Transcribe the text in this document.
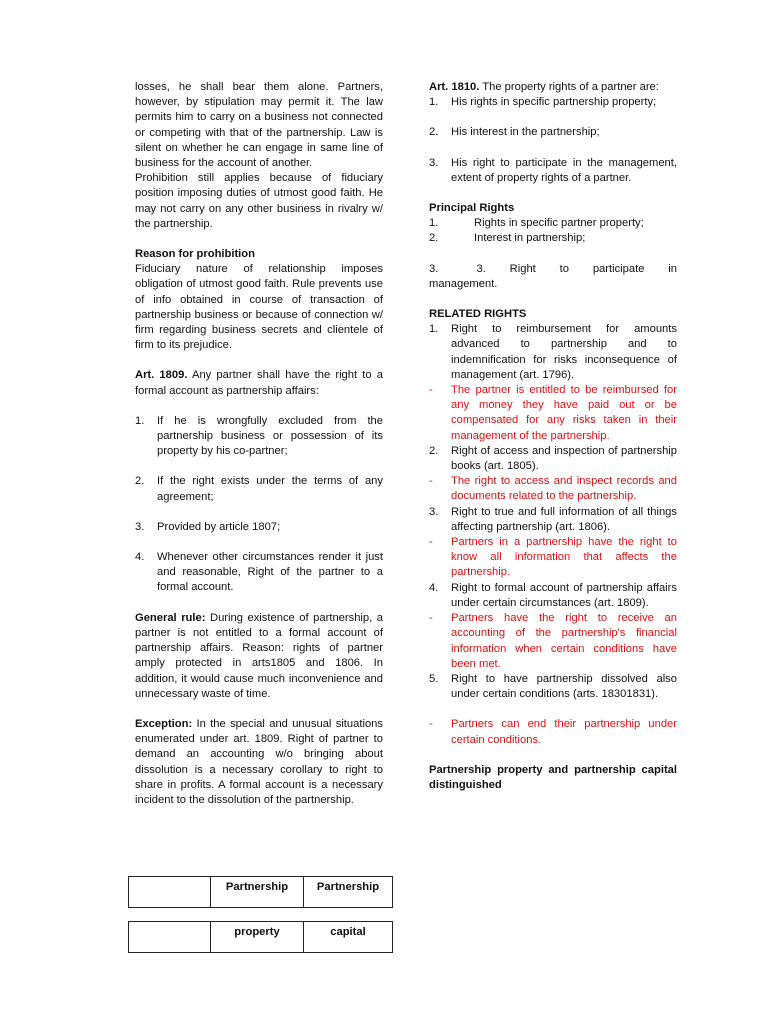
losses, he shall bear them alone. Partners, however, by stipulation may permit it. The law permits him to carry on a business not connected or competing with that of the partnership. Law is silent on whether he can engage in same line of business for the account of another.

Prohibition still applies because of fiduciary position imposing duties of utmost good faith. He may not carry on any other business in rivalry w/ the partnership.

Reason for prohibition

Fiduciary nature of relationship imposes obligation of utmost good faith. Rule prevents use of info obtained in course of transaction of partnership business or because of connection w/ firm regarding business secrets and clientele of firm to its prejudice.

Art. 1809. Any partner shall have the right to a formal account as partnership affairs:

1.	If he is wrongfully excluded from the partnership business or possession of its property by his co-partner;
2.	If the right exists under the terms of any agreement;
3.	Provided by article 1807;
4.	Whenever other circumstances render it just and reasonable, Right of the partner to a formal account.

General rule: During existence of partnership, a partner is not entitled to a formal account of partnership affairs. Reason: rights of partner amply protected in arts1805 and 1806. In addition, it would cause much inconvenience and unnecessary waste of time.

Exception: In the special and unusual situations enumerated under art. 1809. Right of partner to demand an accounting w/o bringing about dissolution is a necessary corollary to right to share in profits. A formal account is a necessary incident to the dissolution of the partnership.

	Partnership	Partnership
	property	capital

Art. 1810. The property rights of a partner are:

1.	His rights in specific partnership property;
2.	His interest in the partnership;
3.	His right to participate in the management, extent of property rights of a partner.

Principal Rights

1.	Rights in specific partner property;
2.	Interest in partnership;

3.        3.     Right     to     participate     in management.

RELATED RIGHTS

1.	Right to reimbursement for amounts advanced to partnership and to indemnification for risks inconsequence of management (art. 1796).
-	The partner is entitled to be reimbursed for any money they have paid out or be compensated for any risks taken in their management of the partnership.
2.	Right of access and inspection of partnership books (art. 1805).
-	The right to access and inspect records and documents related to the partnership.
3.	Right to true and full information of all things affecting partnership (art. 1806).
-	Partners in a partnership have the right to know all information that affects the partnership.
4.	Right to formal account of partnership affairs under certain circumstances (art. 1809).
-	Partners have the right to receive an accounting of the partnership's financial information when certain conditions have been met.
5.	Right to have partnership dissolved also under certain conditions (arts. 18301831).
-	Partners can end their partnership under certain conditions.

Partnership property and partnership capital distinguished
